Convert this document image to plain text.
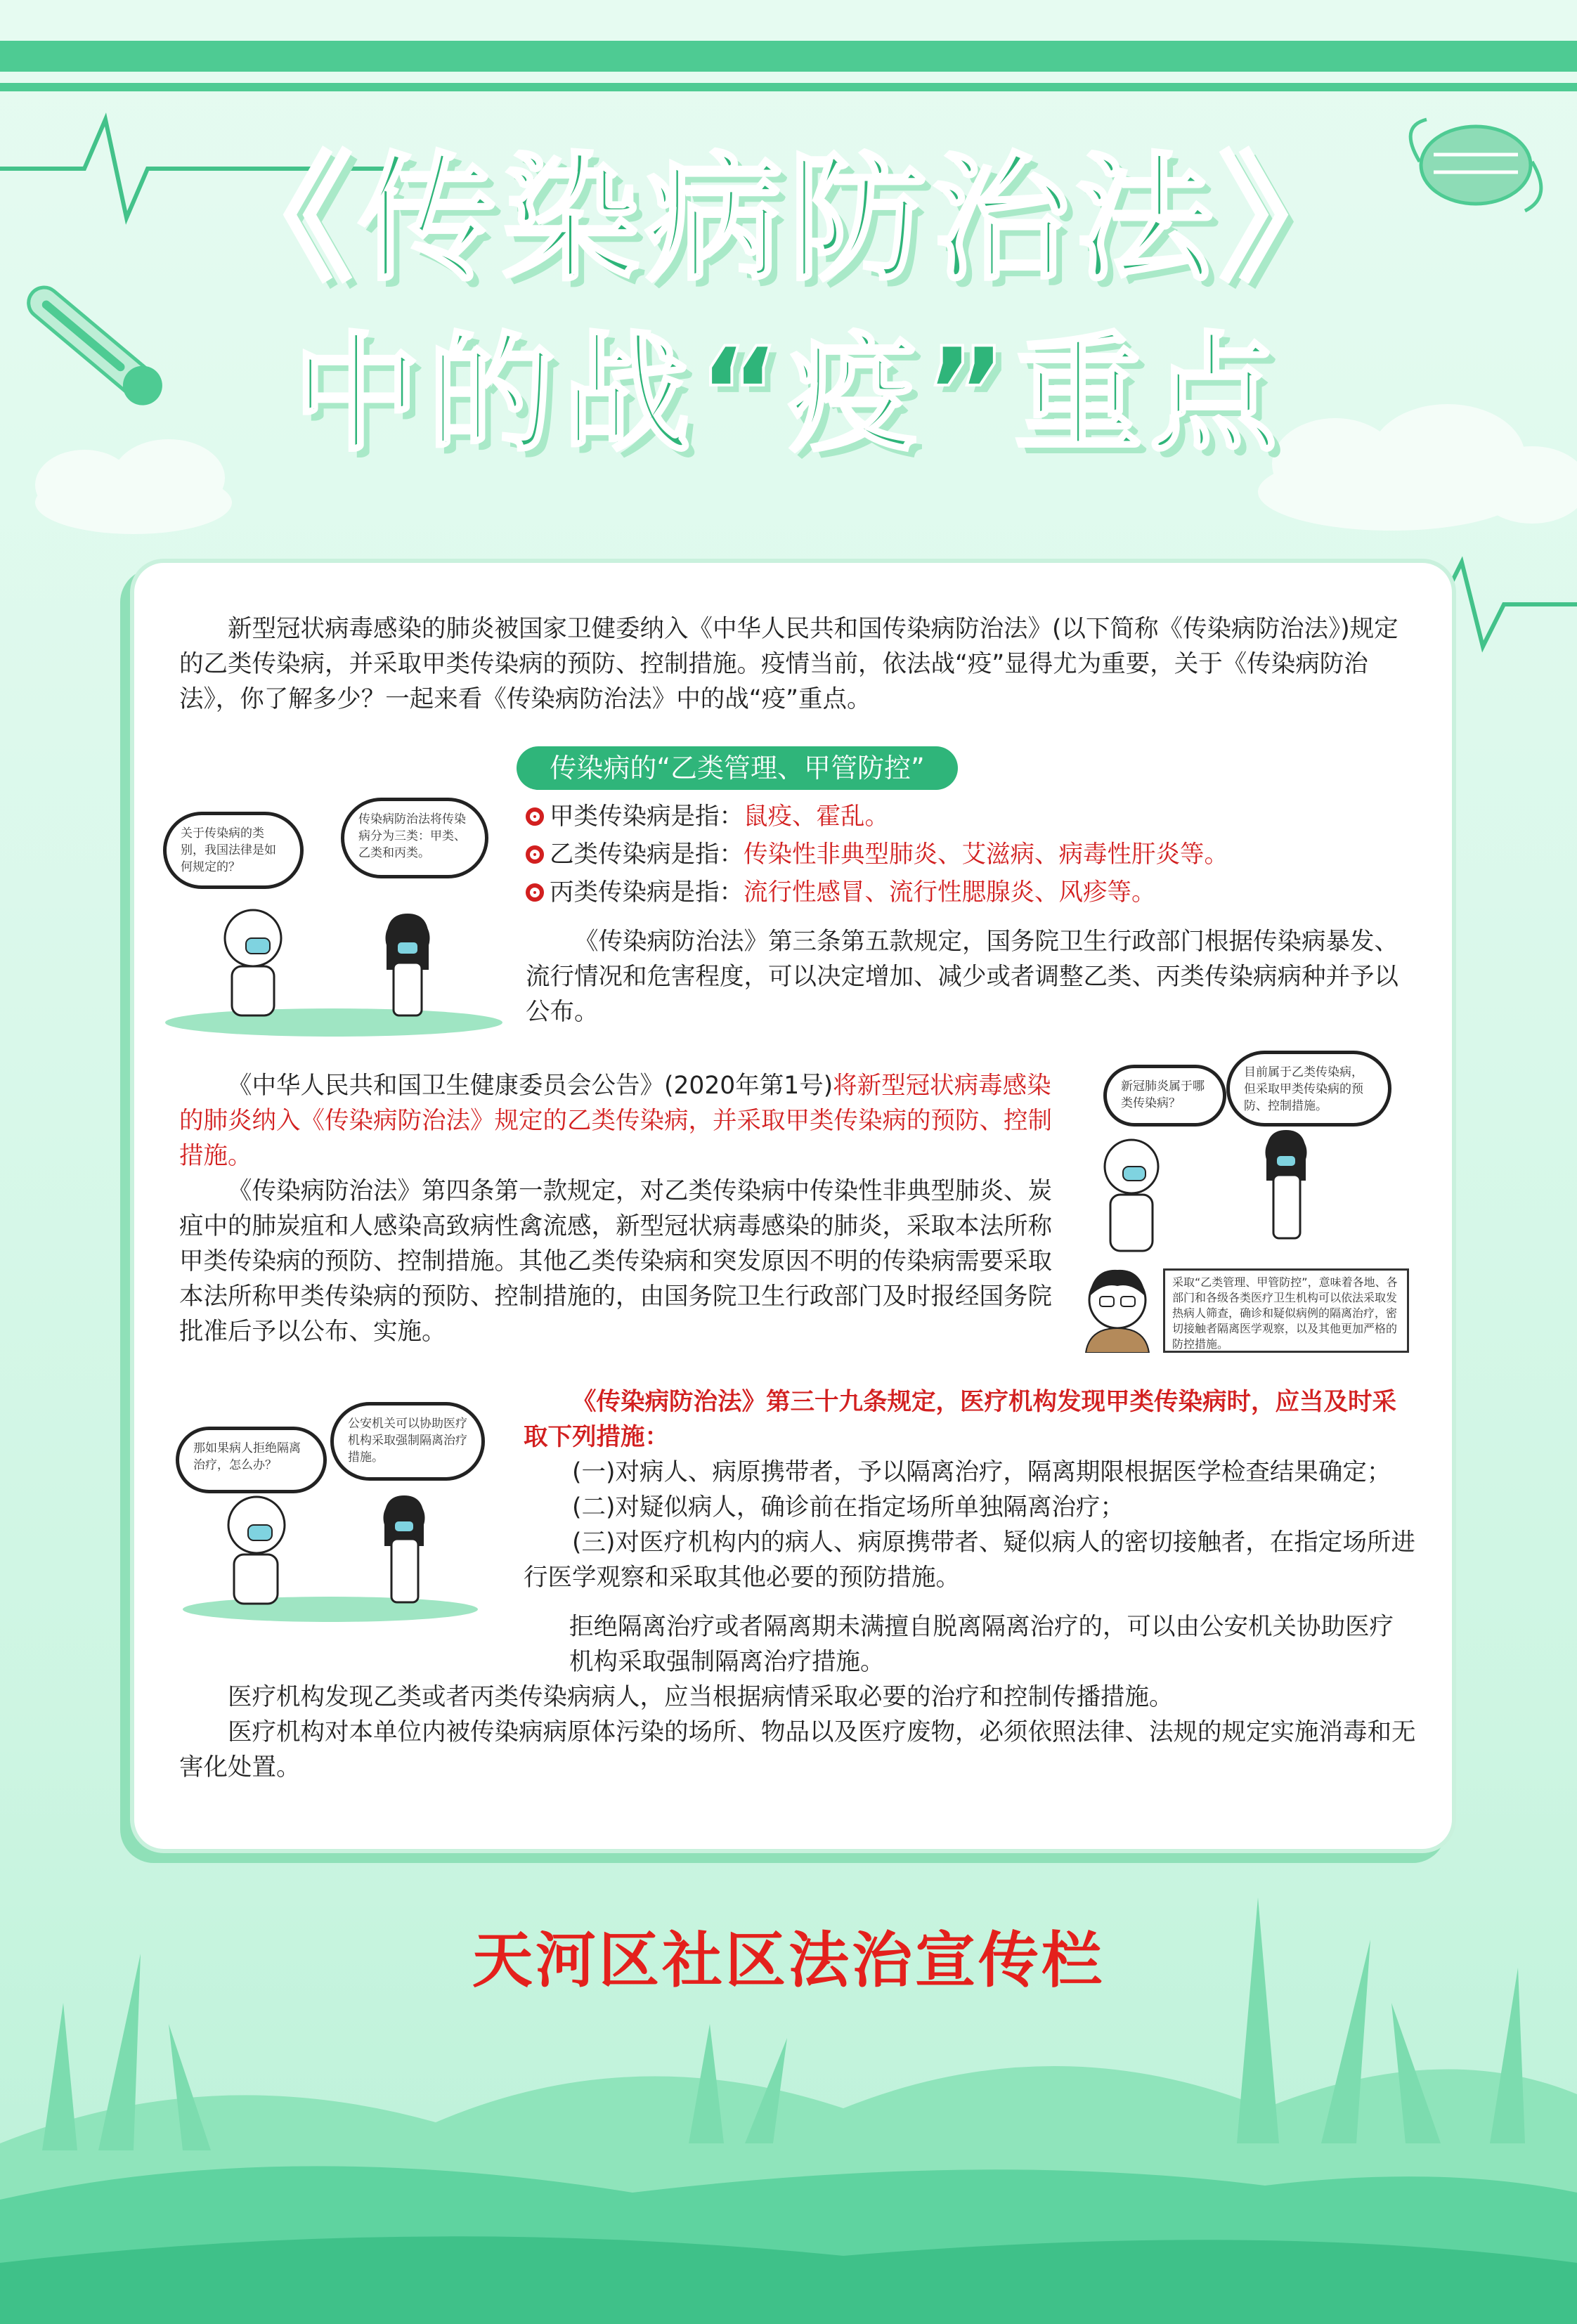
《传染病防治法》
中的战“疫”重点

新型冠状病毒感染的肺炎被国家卫健委纳入《中华人民共和国传染病防治法》(以下简称《传染病防治法》)规定的乙类传染病，并采取甲类传染病的预防、控制措施。疫情当前，依法战“疫”显得尤为重要，关于《传染病防治法》，你了解多少？一起来看《传染病防治法》中的战“疫”重点。

传染病的“乙类管理、甲管防控”
关于传染病的类别，我国法律是如何规定的？
传染病防治法将传染病分为三类：甲类、乙类和丙类。
甲类传染病是指： 鼠疫、霍乱。
乙类传染病是指： 传染性非典型肺炎、艾滋病、病毒性肝炎等。
丙类传染病是指： 流行性感冒、流行性腮腺炎、风疹等。

《传染病防治法》第三条第五款规定，国务院卫生行政部门根据传染病暴发、流行情况和危害程度，可以决定增加、减少或者调整乙类、丙类传染病病种并予以公布。

《中华人民共和国卫生健康委员会公告》(2020年第1号)将新型冠状病毒感染的肺炎纳入《传染病防治法》规定的乙类传染病，并采取甲类传染病的预防、控制措施。

《传染病防治法》第四条第一款规定，对乙类传染病中传染性非典型肺炎、炭疽中的肺炭疽和人感染高致病性禽流感，新型冠状病毒感染的肺炎，采取本法所称甲类传染病的预防、控制措施。其他乙类传染病和突发原因不明的传染病需要采取本法所称甲类传染病的预防、控制措施的，由国务院卫生行政部门及时报经国务院批准后予以公布、实施。

新冠肺炎属于哪类传染病？
目前属于乙类传染病，但采取甲类传染病的预防、控制措施。
采取“乙类管理、甲管防控”，意味着各地、各部门和各级各类医疗卫生机构可以依法采取发热病人筛查，确诊和疑似病例的隔离治疗，密切接触者隔离医学观察，以及其他更加严格的防控措施。
那如果病人拒绝隔离治疗，怎么办？
公安机关可以协助医疗机构采取强制隔离治疗措施。

《传染病防治法》第三十九条规定，医疗机构发现甲类传染病时，应当及时采取下列措施：

(一)对病人、病原携带者，予以隔离治疗，隔离期限根据医学检查结果确定；

(二)对疑似病人，确诊前在指定场所单独隔离治疗；

(三)对医疗机构内的病人、病原携带者、疑似病人的密切接触者，在指定场所进行医学观察和采取其他必要的预防措施。

拒绝隔离治疗或者隔离期未满擅自脱离隔离治疗的，可以由公安机关协助医疗机构采取强制隔离治疗措施。

医疗机构发现乙类或者丙类传染病病人，应当根据病情采取必要的治疗和控制传播措施。

医疗机构对本单位内被传染病病原体污染的场所、物品以及医疗废物，必须依照法律、法规的规定实施消毒和无害化处置。

天河区社区法治宣传栏
